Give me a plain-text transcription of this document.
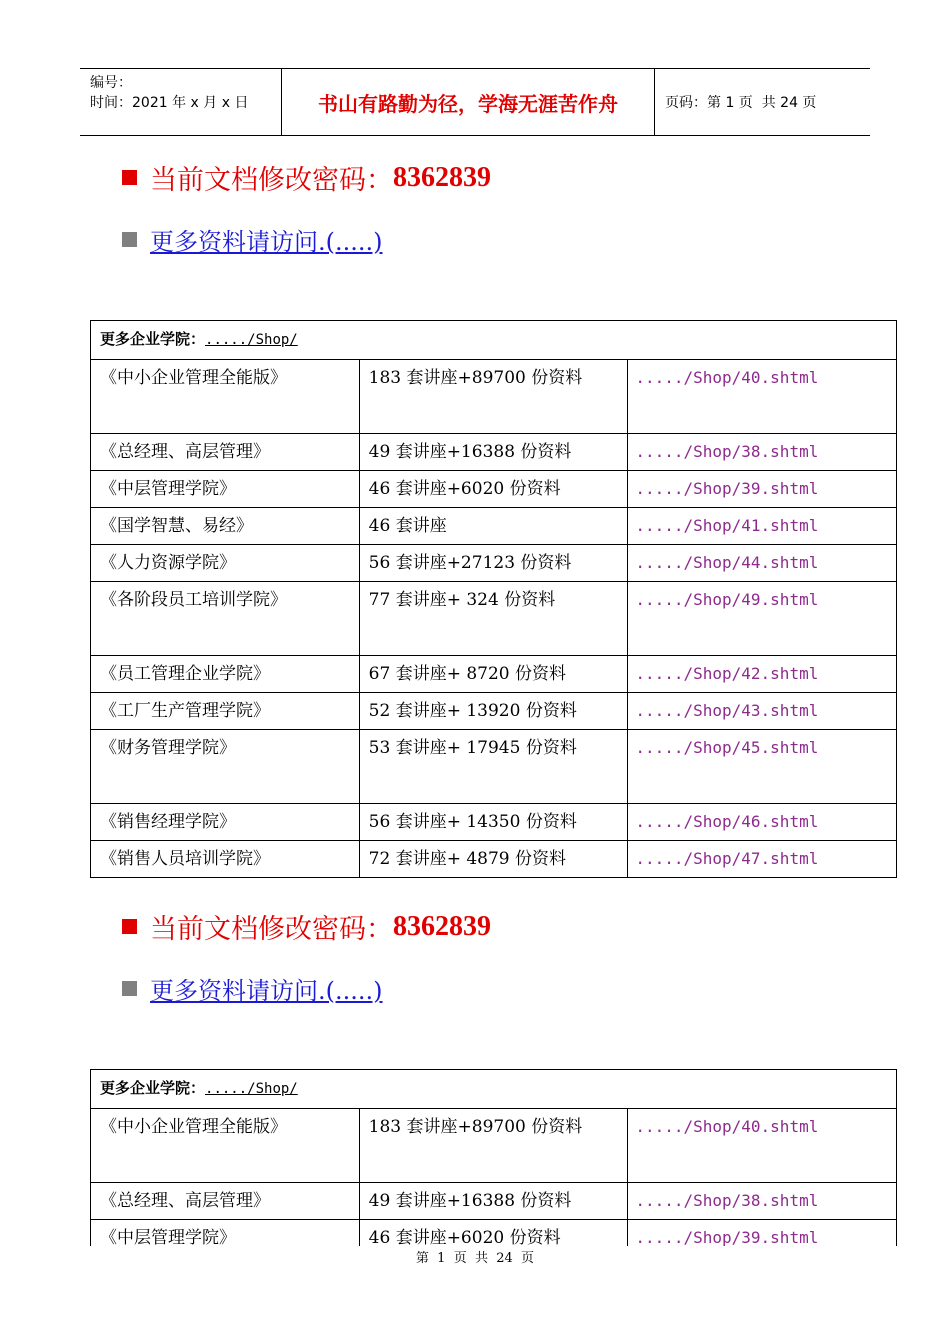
编号：
时间：2021 年 x 月 x 日	书山有路勤为径，学海无涯苦作舟	页码：第 1 页  共 24 页
当前文档修改密码： 8362839
更多资料请访问.(.....)
更多企业学院：...../Shop/		
《中小企业管理全能版》	183 套讲座+89700 份资料	...../Shop/40.shtml
《总经理、高层管理》	49 套讲座+16388 份资料	...../Shop/38.shtml
《中层管理学院》	46 套讲座+6020 份资料	...../Shop/39.shtml
《国学智慧、易经》	46 套讲座	...../Shop/41.shtml
《人力资源学院》	56 套讲座+27123 份资料	...../Shop/44.shtml
《各阶段员工培训学院》	77 套讲座+ 324 份资料	...../Shop/49.shtml
《员工管理企业学院》	67 套讲座+ 8720 份资料	...../Shop/42.shtml
《工厂生产管理学院》	52 套讲座+ 13920 份资料	...../Shop/43.shtml
《财务管理学院》	53 套讲座+ 17945 份资料	...../Shop/45.shtml
《销售经理学院》	56 套讲座+ 14350 份资料	...../Shop/46.shtml
《销售人员培训学院》	72 套讲座+ 4879 份资料	...../Shop/47.shtml
当前文档修改密码： 8362839
更多资料请访问.(.....)
更多企业学院：...../Shop/		
《中小企业管理全能版》	183 套讲座+89700 份资料	...../Shop/40.shtml
《总经理、高层管理》	49 套讲座+16388 份资料	...../Shop/38.shtml
《中层管理学院》	46 套讲座+6020 份资料	...../Shop/39.shtml
第  1  页  共  24  页
